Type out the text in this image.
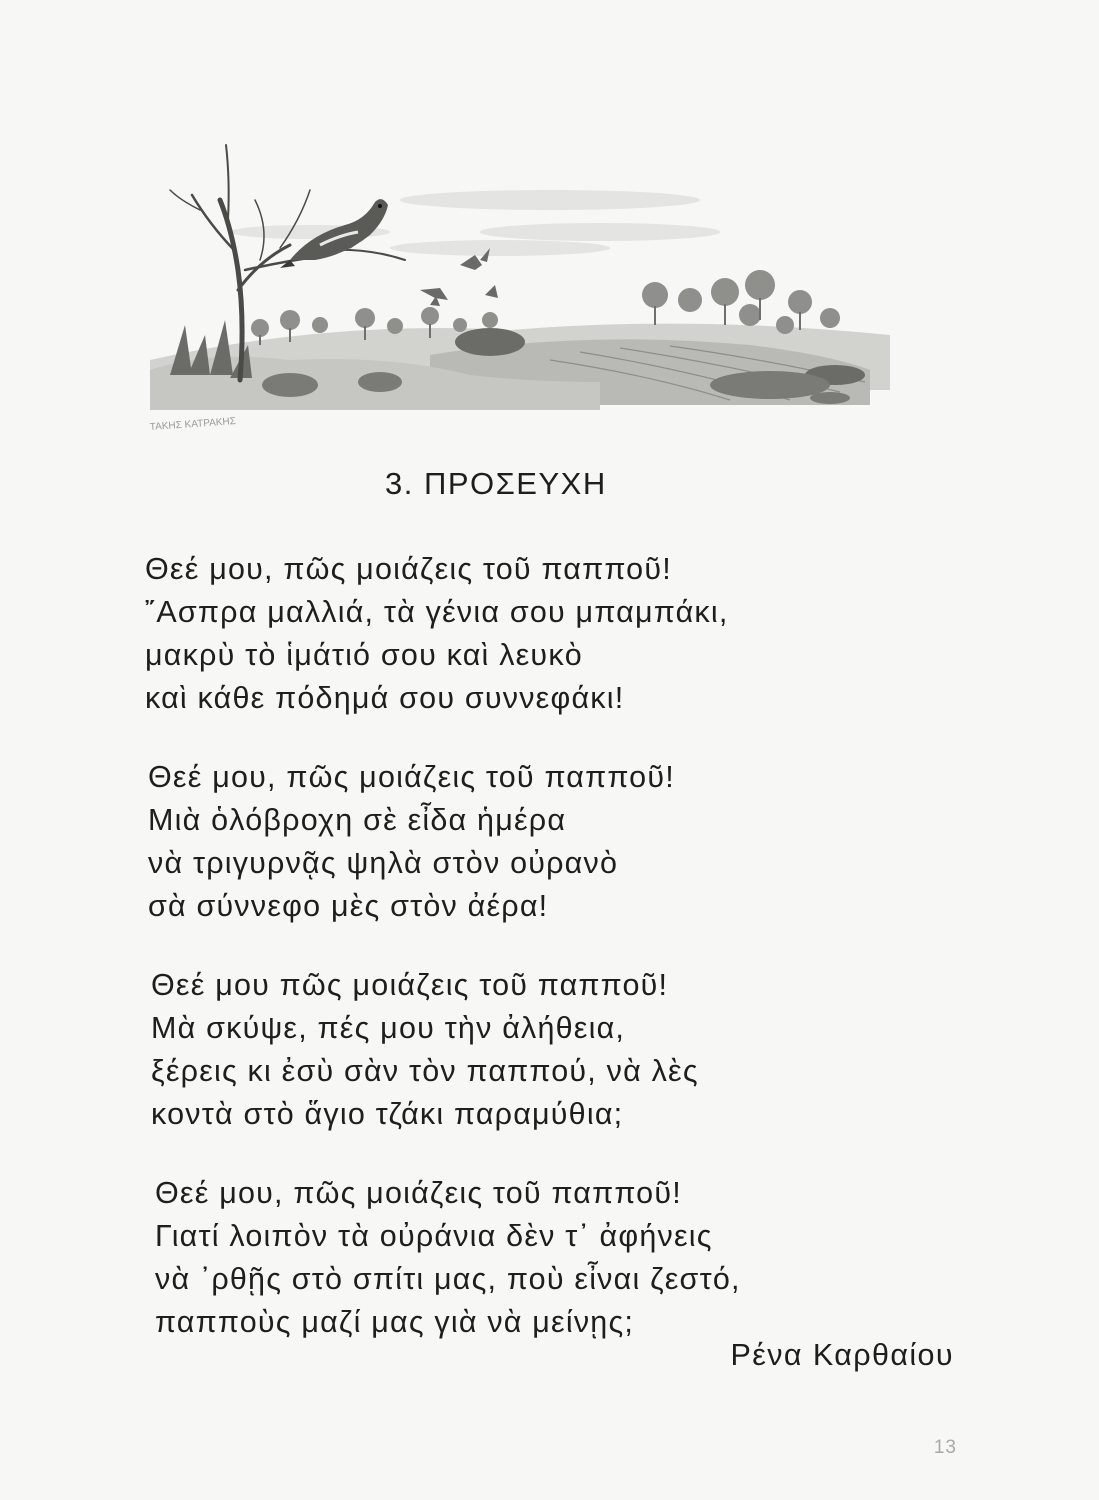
ΤΑΚΗΣ ΚΑΤΡΑΚΗΣ
3. ΠΡΟΣΕΥΧΗ
Θεέ μου, πῶς μοιάζεις τοῦ παπποῦ!
῎Ασπρα μαλλιά, τὰ γένια σου μπαμπάκι,
μακρὺ τὸ ἱμάτιό σου καὶ λευκὸ
καὶ κάθε πόδημά σου συννεφάκι!
Θεέ μου, πῶς μοιάζεις τοῦ παπποῦ!
Μιὰ ὁλόβροχη σὲ εἶδα ἡμέρα
νὰ τριγυρνᾷς ψηλὰ στὸν οὐρανὸ
σὰ σύννεφο μὲς στὸν ἀέρα!
Θεέ μου πῶς μοιάζεις τοῦ παπποῦ!
Μὰ σκύψε, πές μου τὴν ἀλήθεια,
ξέρεις κι ἐσὺ σὰν τὸν παππού, νὰ λὲς
κοντὰ στὸ ἅγιο τζάκι παραμύθια;
Θεέ μου, πῶς μοιάζεις τοῦ παπποῦ!
Γιατί λοιπὸν τὰ οὐράνια δὲν τ᾽ ἀφήνεις
νὰ ᾽ρθῇς στὸ σπίτι μας, ποὺ εἶναι ζεστό,
παπποὺς μαζί μας γιὰ νὰ μείνῃς;
Ρένα Καρθαίου
13
